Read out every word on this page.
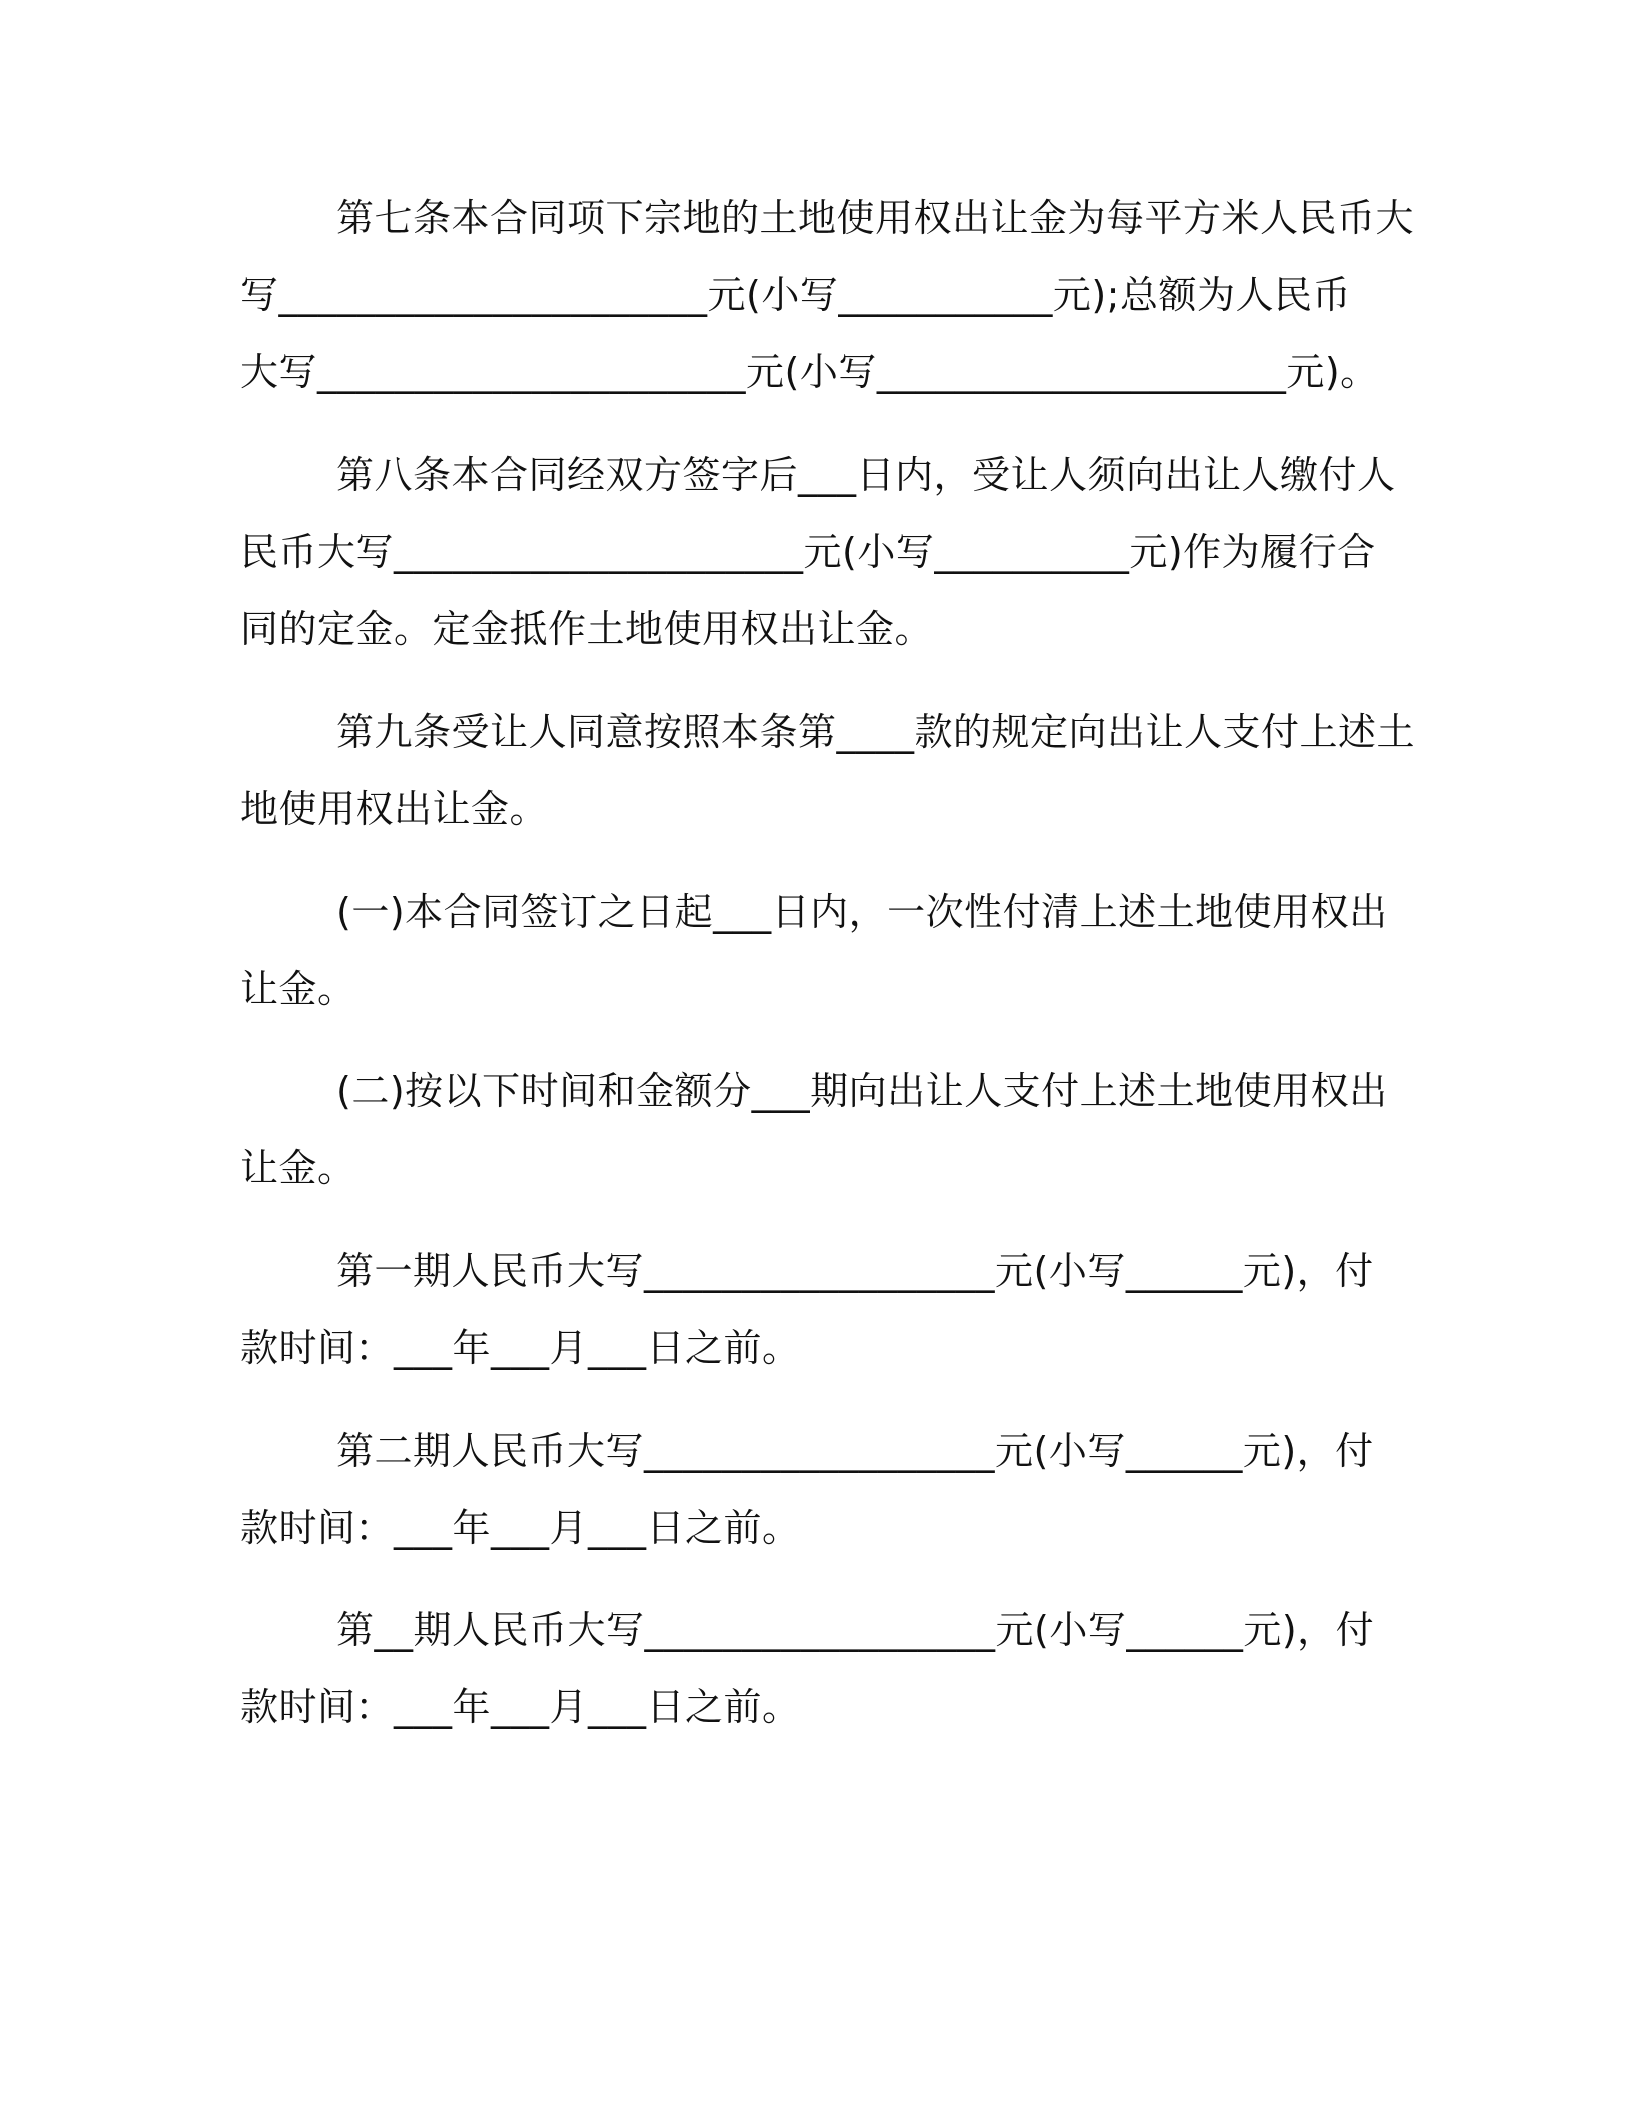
第七条本合同项下宗地的土地使用权出让金为每平方米人民币大
写______________________元(小写___________元);总额为人民币
大写______________________元(小写_____________________元)。
第八条本合同经双方签字后___日内，受让人须向出让人缴付人
民币大写_____________________元(小写__________元)作为履行合
同的定金。定金抵作土地使用权出让金。
第九条受让人同意按照本条第____款的规定向出让人支付上述土
地使用权出让金。
(一)本合同签订之日起___日内，一次性付清上述土地使用权出
让金。
(二)按以下时间和金额分___期向出让人支付上述土地使用权出
让金。
第一期人民币大写__________________元(小写______元)，付
款时间：___年___月___日之前。
第二期人民币大写__________________元(小写______元)，付
款时间：___年___月___日之前。
第__期人民币大写__________________元(小写______元)，付
款时间：___年___月___日之前。
